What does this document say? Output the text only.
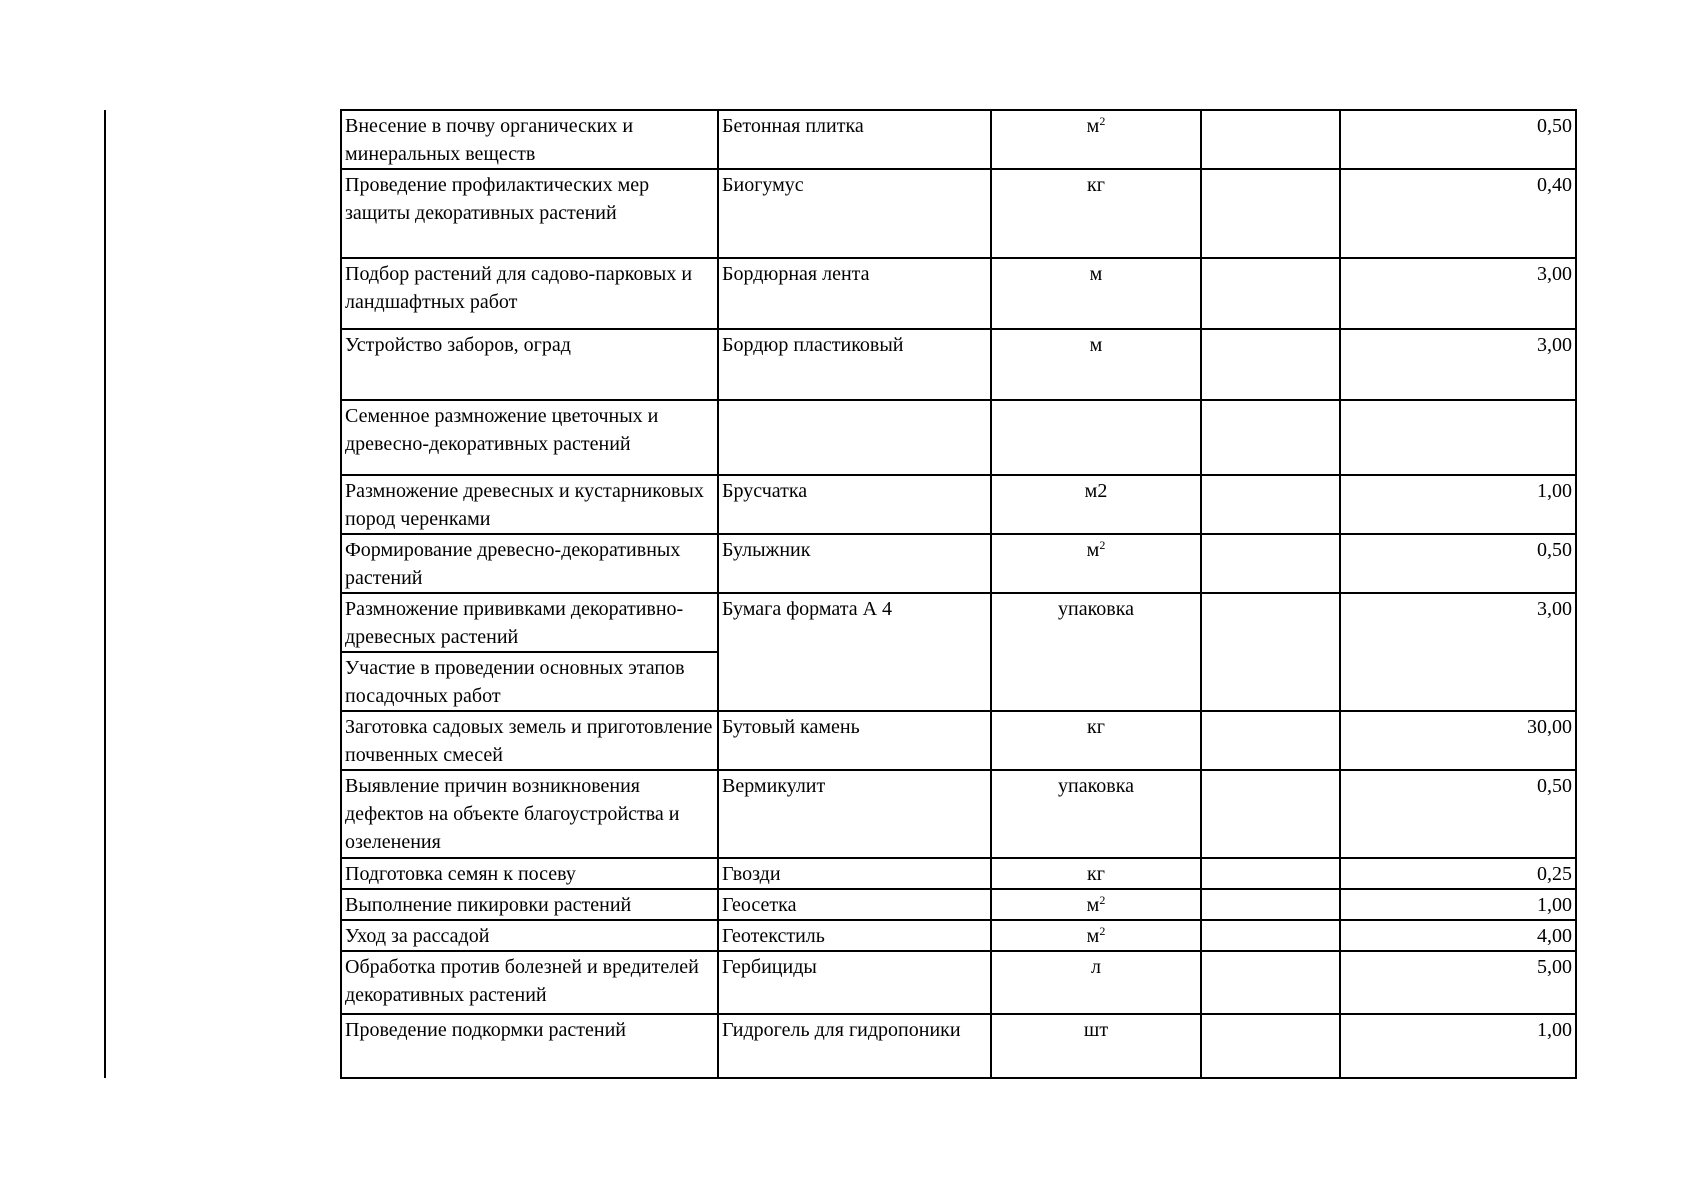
Внесение в почву органических и минеральных веществ	Бетонная плитка	$м^2$		0,50
Проведение профилактических мер защиты декоративных растений	Биогумус	кг		0,40
Подбор растений для садово-парковых и ландшафтных работ	Бордюрная лента	м		3,00
Устройство заборов, оград	Бордюр пластиковый	м		3,00
Семенное размножение цветочных и древесно-декоративных растений				
Размножение древесных и кустарниковых пород черенками	Брусчатка	м2		1,00
Формирование древесно-декоративных растений	Булыжник	$м^2$		0,50
Размножение прививками декоративно- древесных растений	Бумага формата А 4	упаковка		3,00
Участие в проведении основных этапов посадочных работ				
Заготовка садовых земель и приготовление почвенных смесей	Бутовый камень	кг		30,00
Выявление причин возникновения дефектов на объекте благоустройства и озеленения	Вермикулит	упаковка		0,50
Подготовка семян к посеву	Гвозди	кг		0,25
Выполнение пикировки растений	Геосетка	$м^2$		1,00
Уход за рассадой	Геотекстиль	$м^2$		4,00
Обработка против болезней и вредителей декоративных растений	Гербициды	л		5,00
Проведение подкормки растений	Гидрогель для гидропоники	шт		1,00
